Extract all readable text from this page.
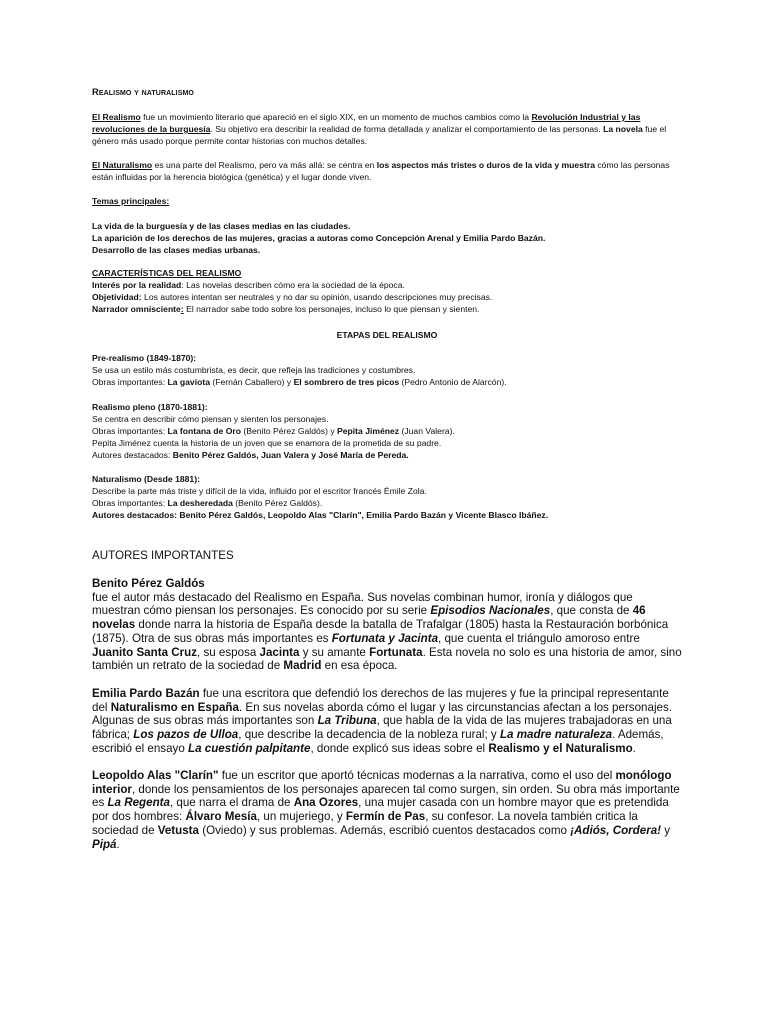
Realismo y naturalismo

El Realismo fue un movimiento literario que apareció en el siglo XIX, en un momento de muchos cambios como la Revolución Industrial y las revoluciones de la burguesía. Su objetivo era describir la realidad de forma detallada y analizar el comportamiento de las personas. La novela fue el género más usado porque permite contar historias con muchos detalles.

El Naturalismo es una parte del Realismo, pero va más allá: se centra en los aspectos más tristes o duros de la vida y muestra cómo las personas están influidas por la herencia biológica (genética) y el lugar donde viven.

Temas principales:

La vida de la burguesía y de las clases medias en las ciudades.

La aparición de los derechos de las mujeres, gracias a autoras como Concepción Arenal y Emilia Pardo Bazán.

Desarrollo de las clases medias urbanas.

CARACTERÍSTICAS DEL REALISMO

Interés por la realidad: Las novelas describen cómo era la sociedad de la época.

Objetividad: Los autores intentan ser neutrales y no dar su opinión, usando descripciones muy precisas.

Narrador omnisciente: El narrador sabe todo sobre los personajes, incluso lo que piensan y sienten.

ETAPAS DEL REALISMO

Pre-realismo (1849-1870):

Se usa un estilo más costumbrista, es decir, que refleja las tradiciones y costumbres.

Obras importantes: La gaviota (Fernán Caballero) y El sombrero de tres picos (Pedro Antonio de Alarcón).

Realismo pleno (1870-1881):

Se centra en describir cómo piensan y sienten los personajes.

Obras importantes: La fontana de Oro (Benito Pérez Galdós) y Pepita Jiménez (Juan Valera).

Pepita Jiménez cuenta la historia de un joven que se enamora de la prometida de su padre.

Autores destacados: Benito Pérez Galdós, Juan Valera y José María de Pereda.

Naturalismo (Desde 1881):

Describe la parte más triste y difícil de la vida, influido por el escritor francés Émile Zola.

Obras importantes: La desheredada (Benito Pérez Galdós).

Autores destacados: Benito Pérez Galdós, Leopoldo Alas "Clarín", Emilia Pardo Bazán y Vicente Blasco Ibáñez.

AUTORES IMPORTANTES

Benito Pérez Galdós

fue el autor más destacado del Realismo en España. Sus novelas combinan humor, ironía y diálogos que muestran cómo piensan los personajes. Es conocido por su serie Episodios Nacionales, que consta de 46 novelas donde narra la historia de España desde la batalla de Trafalgar (1805) hasta la Restauración borbónica (1875). Otra de sus obras más importantes es Fortunata y Jacinta, que cuenta el triángulo amoroso entre Juanito Santa Cruz, su esposa Jacinta y su amante Fortunata. Esta novela no solo es una historia de amor, sino también un retrato de la sociedad de Madrid en esa época.

Emilia Pardo Bazán fue una escritora que defendió los derechos de las mujeres y fue la principal representante del Naturalismo en España. En sus novelas aborda cómo el lugar y las circunstancias afectan a los personajes. Algunas de sus obras más importantes son La Tribuna, que habla de la vida de las mujeres trabajadoras en una fábrica; Los pazos de Ulloa, que describe la decadencia de la nobleza rural; y La madre naturaleza. Además, escribió el ensayo La cuestión palpitante, donde explicó sus ideas sobre el Realismo y el Naturalismo.

Leopoldo Alas "Clarín" fue un escritor que aportó técnicas modernas a la narrativa, como el uso del monólogo interior, donde los pensamientos de los personajes aparecen tal como surgen, sin orden. Su obra más importante es La Regenta, que narra el drama de Ana Ozores, una mujer casada con un hombre mayor que es pretendida por dos hombres: Álvaro Mesía, un mujeriego, y Fermín de Pas, su confesor. La novela también critica la sociedad de Vetusta (Oviedo) y sus problemas. Además, escribió cuentos destacados como ¡Adiós, Cordera! y Pipá.
